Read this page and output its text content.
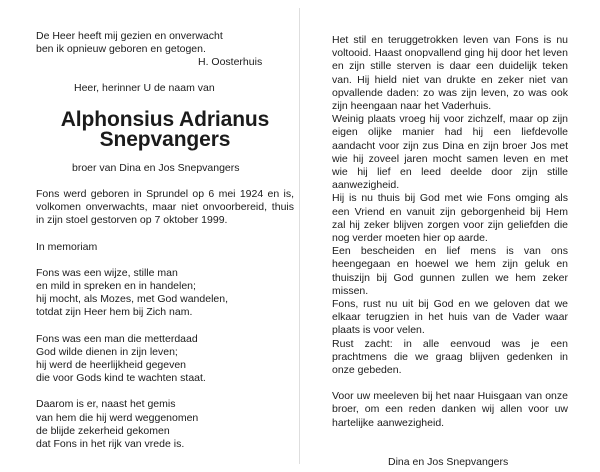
De Heer heeft mij gezien en onverwacht
ben ik opnieuw geboren en getogen.
H. Oosterhuis
Heer, herinner U de naam van
Alphonsius Adrianus
Snepvangers
broer van Dina en Jos Snepvangers
Fons werd geboren in Sprundel op 6 mei 1924 en is, volkomen onverwachts, maar niet onvoorbereid, thuis in zijn stoel gestorven op 7 oktober 1999.
In memoriam
Fons was een wijze, stille man
en mild in spreken en in handelen;
hij mocht, als Mozes, met God wandelen,
totdat zijn Heer hem bij Zich nam.
Fons was een man die metterdaad
God wilde dienen in zijn leven;
hij werd de heerlijkheid gegeven
die voor Gods kind te wachten staat.
Daarom is er, naast het gemis
van hem die hij werd weggenomen
de blijde zekerheid gekomen
dat Fons in het rijk van vrede is.

Het stil en teruggetrokken leven van Fons is nu voltooid. Haast onopvallend ging hij door het leven en zijn stille sterven is daar een duidelijk teken van. Hij hield niet van drukte en zeker niet van opvallende daden: zo was zijn leven, zo was ook zijn heengaan naar het Vaderhuis.

Weinig plaats vroeg hij voor zichzelf, maar op zijn eigen olijke manier had hij een liefdevolle aandacht voor zijn zus Dina en zijn broer Jos met wie hij zoveel jaren mocht samen leven en met wie hij lief en leed deelde door zijn stille aanwezigheid.

Hij is nu thuis bij God met wie Fons omging als een Vriend en vanuit zijn geborgenheid bij Hem zal hij zeker blijven zorgen voor zijn geliefden die nog verder moeten hier op aarde.

Een bescheiden en lief mens is van ons heengegaan en hoewel we hem zijn geluk en thuiszijn bij God gunnen zullen we hem zeker missen.

Fons, rust nu uit bij God en we geloven dat we elkaar terugzien in het huis van de Vader waar plaats is voor velen.

Rust zacht: in alle eenvoud was je een prachtmens die we graag blijven gedenken in onze gebeden.

Voor uw meeleven bij het naar Huisgaan van onze broer, om een reden danken wij allen voor uw hartelijke aanwezigheid.

Dina en Jos Snepvangers
